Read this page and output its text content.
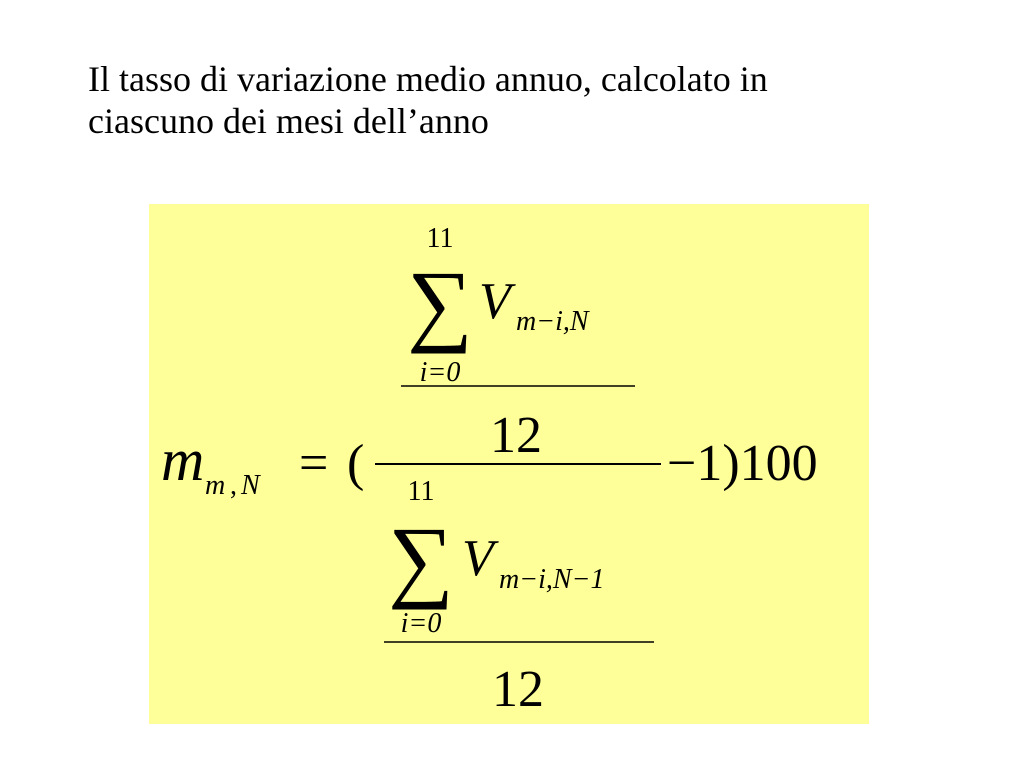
Il tasso di variazione medio annuo, calcolato in
ciascuno dei mesi dell’anno
11
∑ V m−i,N
i=0
12
m m , N = (	−1)100
11
∑ V m−i,N−1
i=0
12
